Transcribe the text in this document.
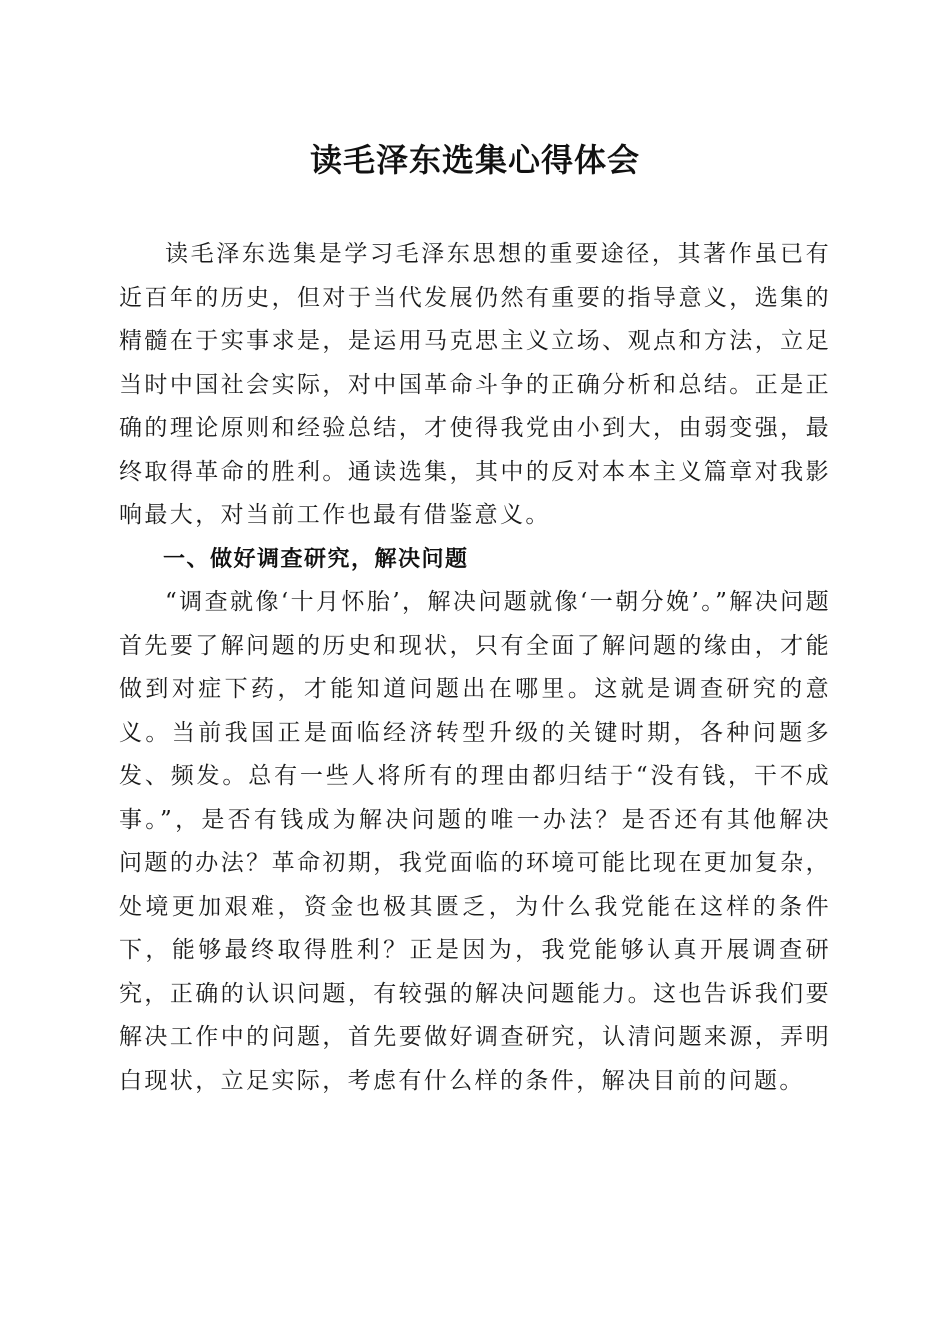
读毛泽东选集心得体会

读毛泽东选集是学习毛泽东思想的重要途径，其著作虽已有近百年的历史，但对于当代发展仍然有重要的指导意义，选集的精髓在于实事求是，是运用马克思主义立场、观点和方法，立足当时中国社会实际，对中国革命斗争的正确分析和总结。正是正确的理论原则和经验总结，才使得我党由小到大，由弱变强，最终取得革命的胜利。通读选集，其中的反对本本主义篇章对我影响最大，对当前工作也最有借鉴意义。

一、做好调查研究，解决问题

“调查就像‘十月怀胎’，解决问题就像‘一朝分娩’。”解决问题首先要了解问题的历史和现状，只有全面了解问题的缘由，才能做到对症下药，才能知道问题出在哪里。这就是调查研究的意义。当前我国正是面临经济转型升级的关键时期，各种问题多发、频发。总有一些人将所有的理由都归结于“没有钱，干不成事。”，是否有钱成为解决问题的唯一办法？是否还有其他解决问题的办法？革命初期，我党面临的环境可能比现在更加复杂，处境更加艰难，资金也极其匮乏，为什么我党能在这样的条件下，能够最终取得胜利？正是因为，我党能够认真开展调查研究，正确的认识问题，有较强的解决问题能力。这也告诉我们要解决工作中的问题，首先要做好调查研究，认清问题来源，弄明白现状，立足实际，考虑有什么样的条件，解决目前的问题。
